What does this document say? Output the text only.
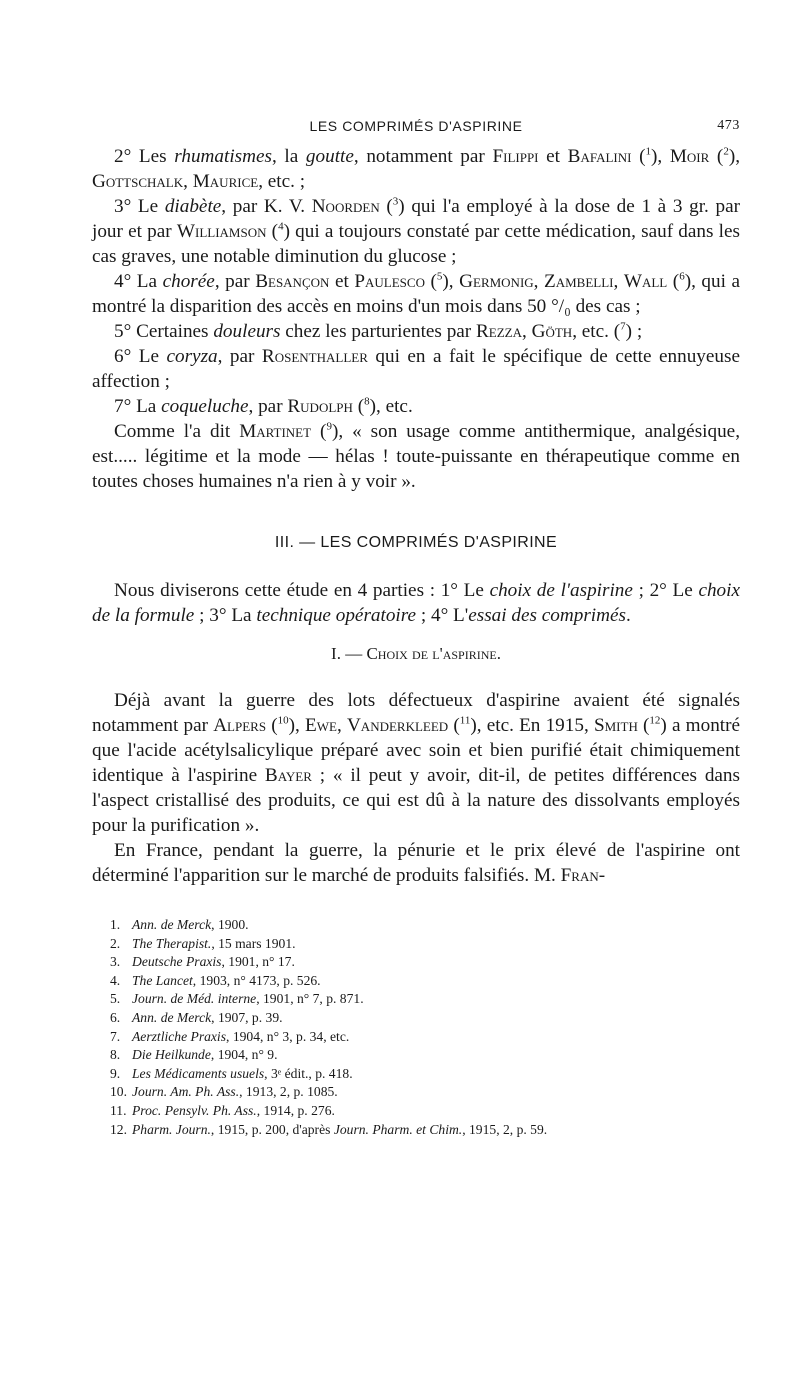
LES COMPRIMÉS D'ASPIRINE	473

2° Les rhumatismes, la goutte, notamment par Filippi et Bafalini ($^1$), Moir ($^2$), Gottschalk, Maurice, etc. ;

3° Le diabète, par K. V. Noorden ($^3$) qui l'a employé à la dose de 1 à 3 gr. par jour et par Williamson ($^4$) qui a toujours constaté par cette médication, sauf dans les cas graves, une notable diminution du glucose ;

4° La chorée, par Besançon et Paulesco ($^5$), Germonig, Zambelli, Wall ($^6$), qui a montré la disparition des accès en moins d'un mois dans 50 °/₀ des cas ;

5° Certaines douleurs chez les parturientes par Rezza, Göth, etc. ($^7$) ;

6° Le coryza, par Rosenthaller qui en a fait le spécifique de cette ennuyeuse affection ;

7° La coqueluche, par Rudolph ($^8$), etc.

Comme l'a dit Martinet ($^9$), « son usage comme antithermique, analgésique, est..... légitime et la mode — hélas ! toute-puissante en thérapeutique comme en toutes choses humaines n'a rien à y voir ».

III. — LES COMPRIMÉS D'ASPIRINE

Nous diviserons cette étude en 4 parties : 1° Le choix de l'aspirine ; 2° Le choix de la formule ; 3° La technique opératoire ; 4° L'essai des comprimés.

I. — Choix de l'aspirine.

Déjà avant la guerre des lots défectueux d'aspirine avaient été signalés notamment par Alpers ($^{10}$), Ewe, Vanderkleed ($^{11}$), etc. En 1915, Smith ($^{12}$) a montré que l'acide acétylsalicylique préparé avec soin et bien purifié était chimiquement identique à l'aspirine Bayer ; « il peut y avoir, dit-il, de petites différences dans l'aspect cristallisé des produits, ce qui est dû à la nature des dissolvants employés pour la purification ».

En France, pendant la guerre, la pénurie et le prix élevé de l'aspirine ont déterminé l'apparition sur le marché de produits falsifiés. M. Fran-

1. Ann. de Merck, 1900.
2. The Therapist., 15 mars 1901.
3. Deutsche Praxis, 1901, n° 17.
4. The Lancet, 1903, n° 4173, p. 526.
5. Journ. de Méd. interne, 1901, n° 7, p. 871.
6. Ann. de Merck, 1907, p. 39.
7. Aerztliche Praxis, 1904, n° 3, p. 34, etc.
8. Die Heilkunde, 1904, n° 9.
9. Les Médicaments usuels, 3ᵉ édit., p. 418.
10. Journ. Am. Ph. Ass., 1913, 2, p. 1085.
11. Proc. Pensylv. Ph. Ass., 1914, p. 276.
12. Pharm. Journ., 1915, p. 200, d'après Journ. Pharm. et Chim., 1915, 2, p. 59.
